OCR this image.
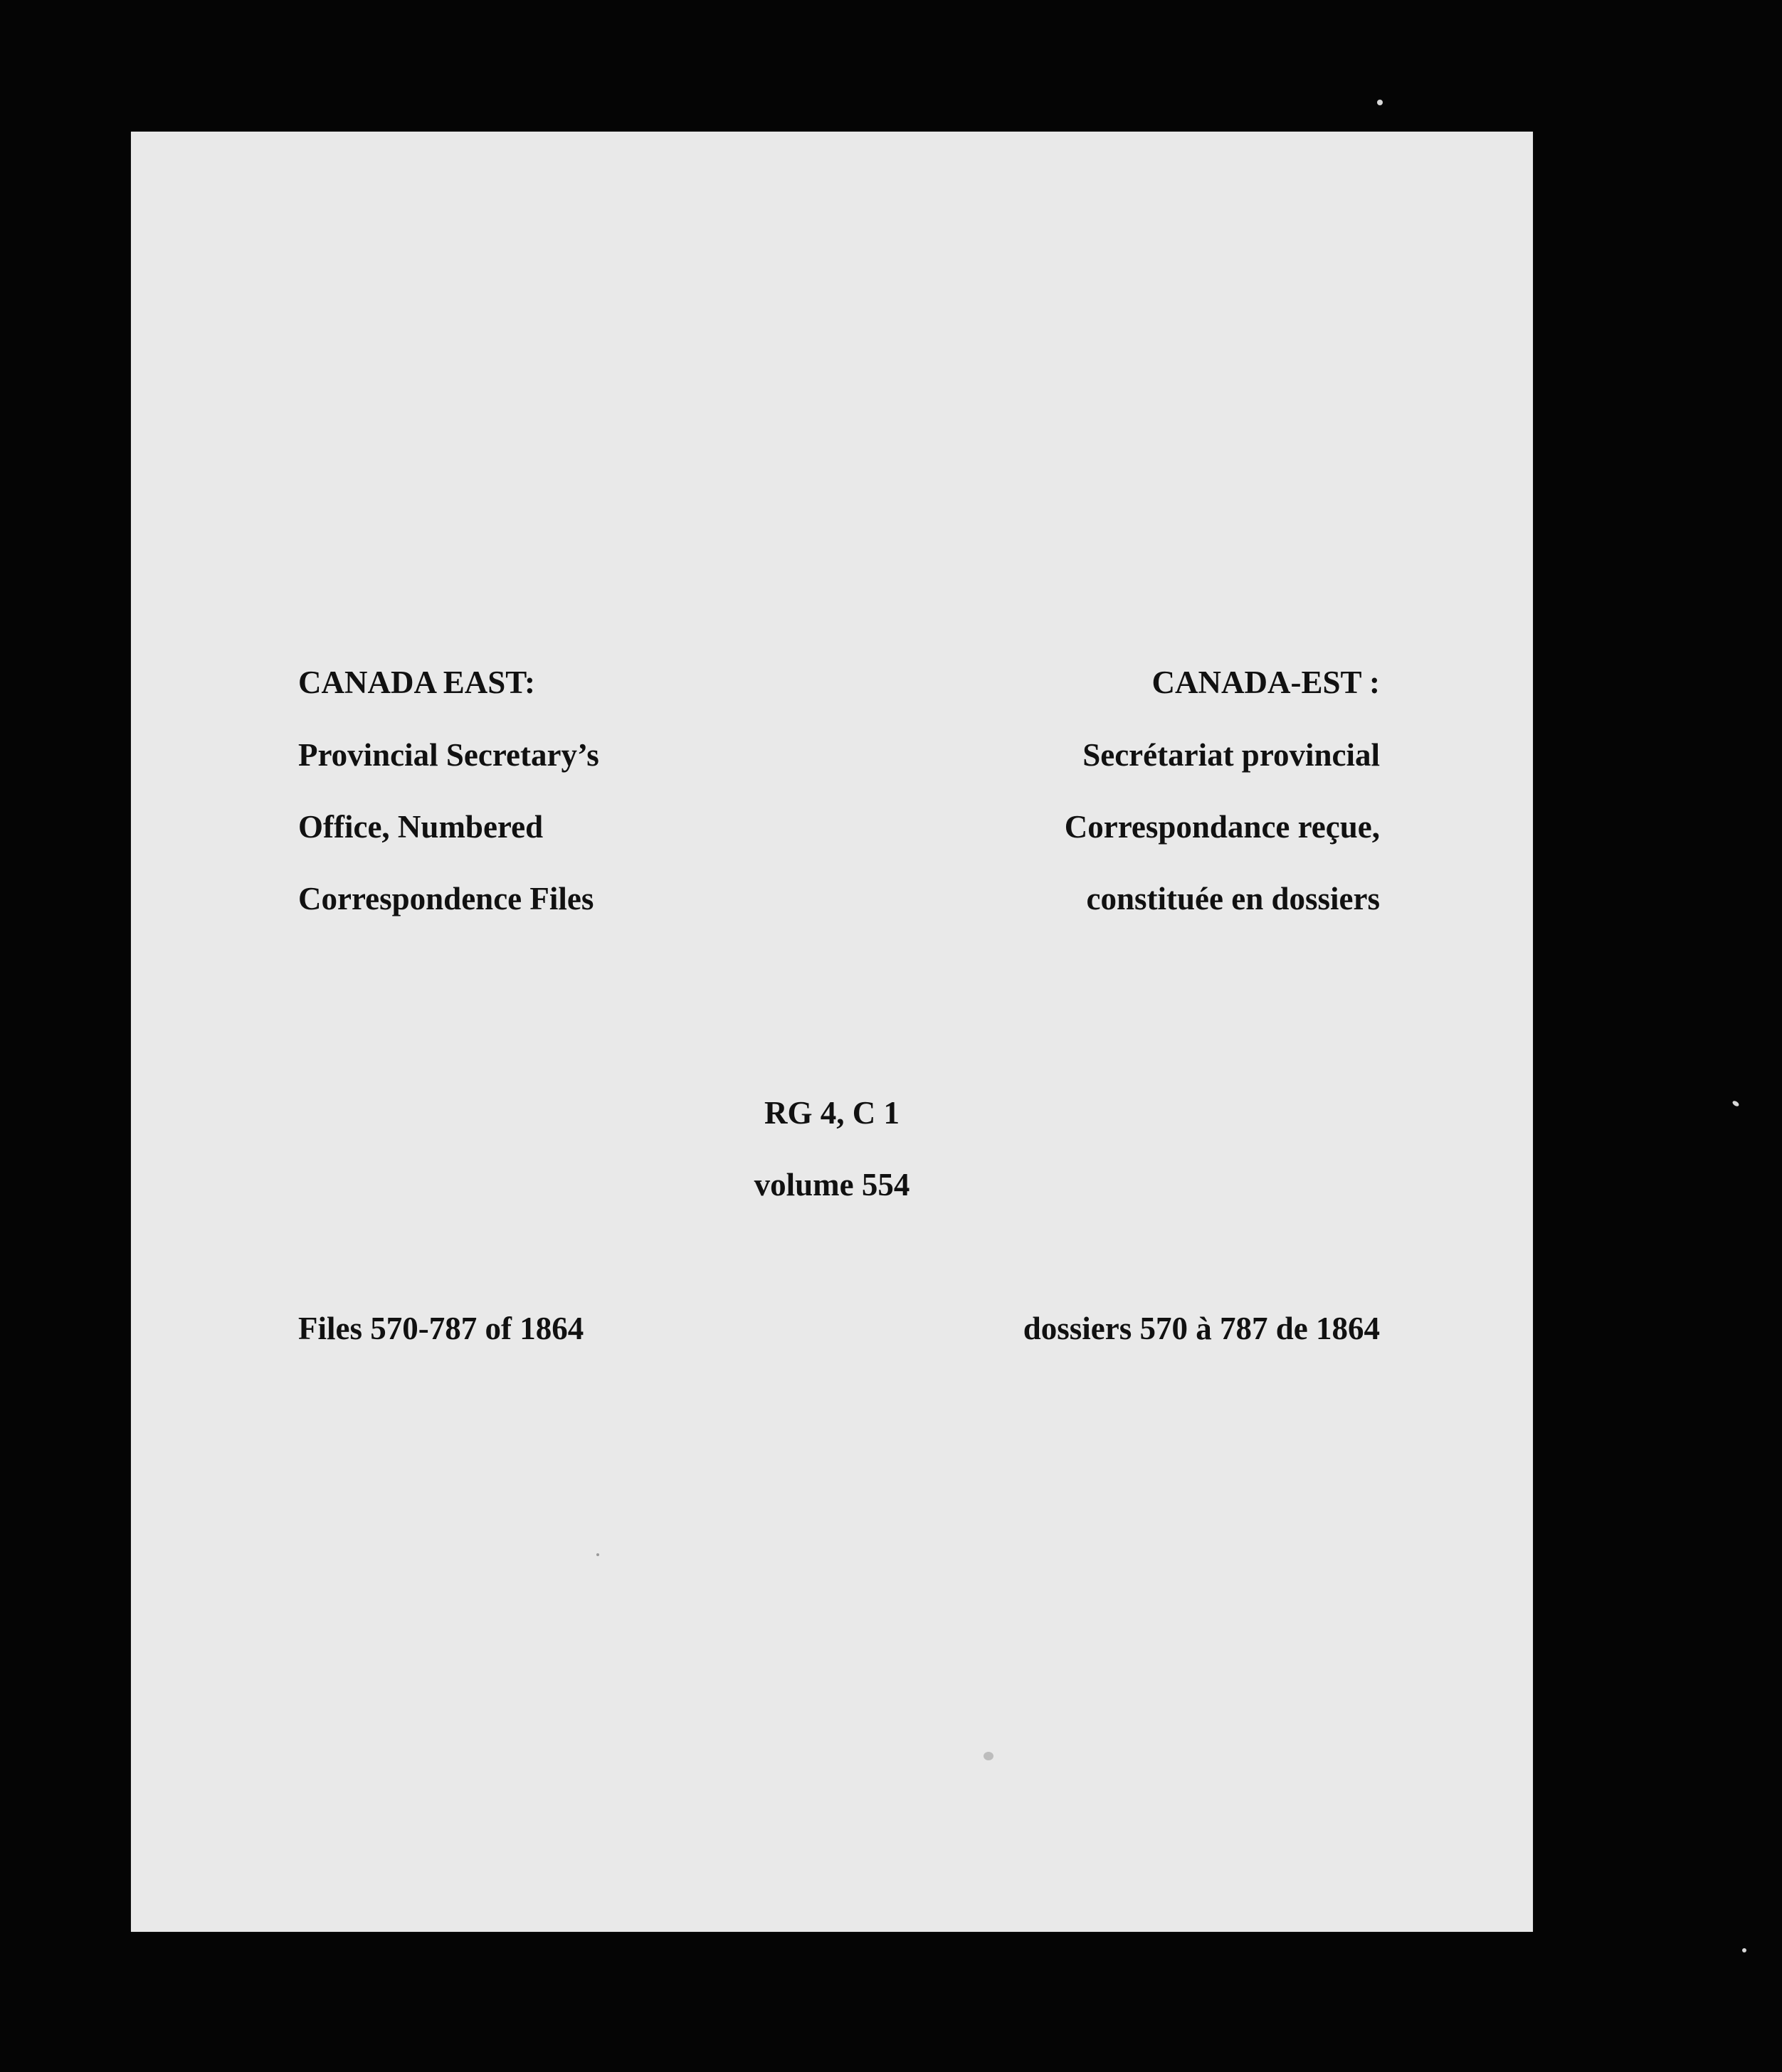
CANADA EAST:

Provincial Secretary’s

Office, Numbered

Correspondence Files

CANADA-EST :

Secrétariat provincial

Correspondance reçue,

constituée en dossiers

RG 4, C 1

volume 554

Files 570-787 of 1864	dossiers 570 à 787 de 1864
